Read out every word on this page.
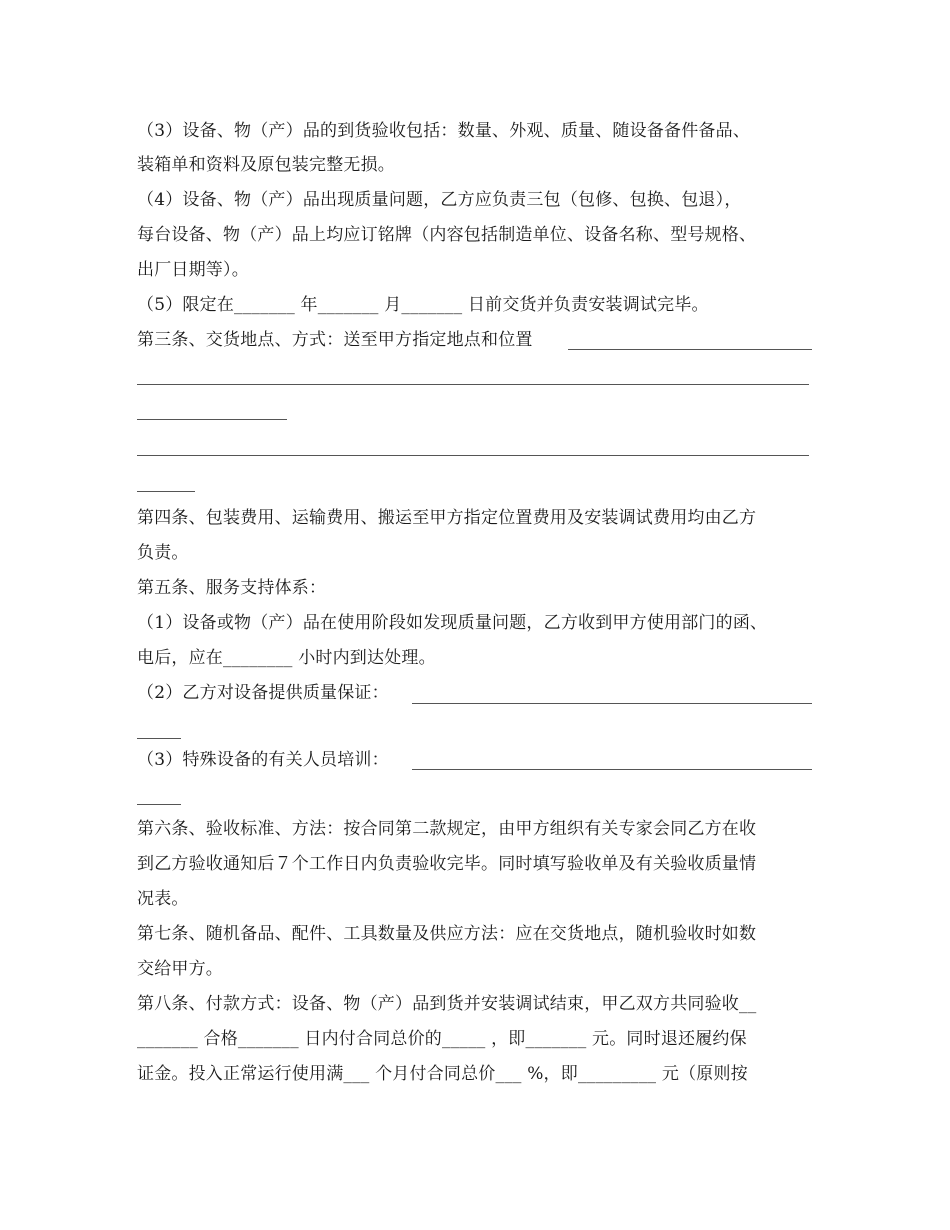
（3）设备、物（产）品的到货验收包括：数量、外观、质量、随设备备件备品、
装箱单和资料及原包装完整无损。
（4）设备、物（产）品出现质量问题，乙方应负责三包（包修、包换、包退），
每台设备、物（产）品上均应订铭牌（内容包括制造单位、设备名称、型号规格、
出厂日期等）。
（5）限定在_______ 年_______ 月_______ 日前交货并负责安装调试完毕。
第三条、交货地点、方式：送至甲方指定地点和位置
第四条、包装费用、运输费用、搬运至甲方指定位置费用及安装调试费用均由乙方
负责。
第五条、服务支持体系：
（1）设备或物（产）品在使用阶段如发现质量问题，乙方收到甲方使用部门的函、
电后，应在________ 小时内到达处理。
（2）乙方对设备提供质量保证：
（3）特殊设备的有关人员培训：
第六条、验收标准、方法：按合同第二款规定，由甲方组织有关专家会同乙方在收
到乙方验收通知后７个工作日内负责验收完毕。同时填写验收单及有关验收质量情
况表。
第七条、随机备品、配件、工具数量及供应方法：应在交货地点，随机验收时如数
交给甲方。
第八条、付款方式：设备、物（产）品到货并安装调试结束，甲乙双方共同验收__
_______ 合格_______ 日内付合同总价的_____ ，即_______ 元。同时退还履约保
证金。投入正常运行使用满___ 个月付合同总价___ %，即_________ 元（原则按
